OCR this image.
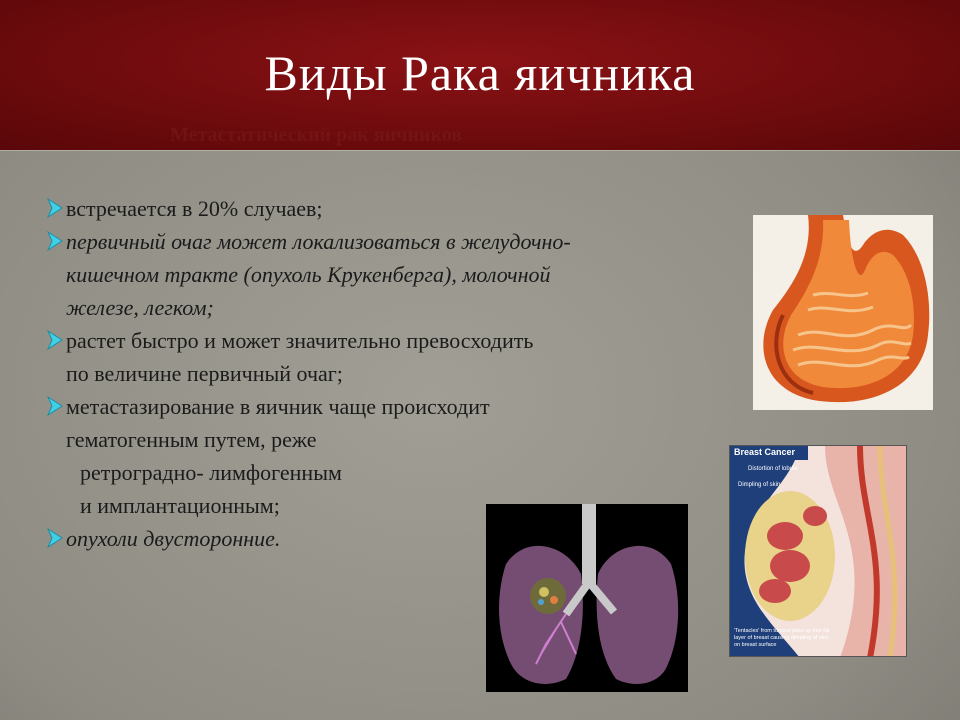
Виды Рака яичника
Метастатический рак яичников
встречается в 20% случаев;
первичный очаг может локализоваться в желудочно-
кишечном тракте (опухоль Крукенберга), молочной
железе, легком;
растет быстро и может значительно превосходить
по величине первичный очаг;
метастазирование в яичник чаще происходит
гематогенным путем, реже
ретроградно- лимфогенным
и имплантационным;
опухоли двусторонние.
Breast Cancer
Distortion of lobule
Dimpling of skin
'Tentacles' from tumour pass up into fat layer of breast causing dimpling of skin on breast surface
